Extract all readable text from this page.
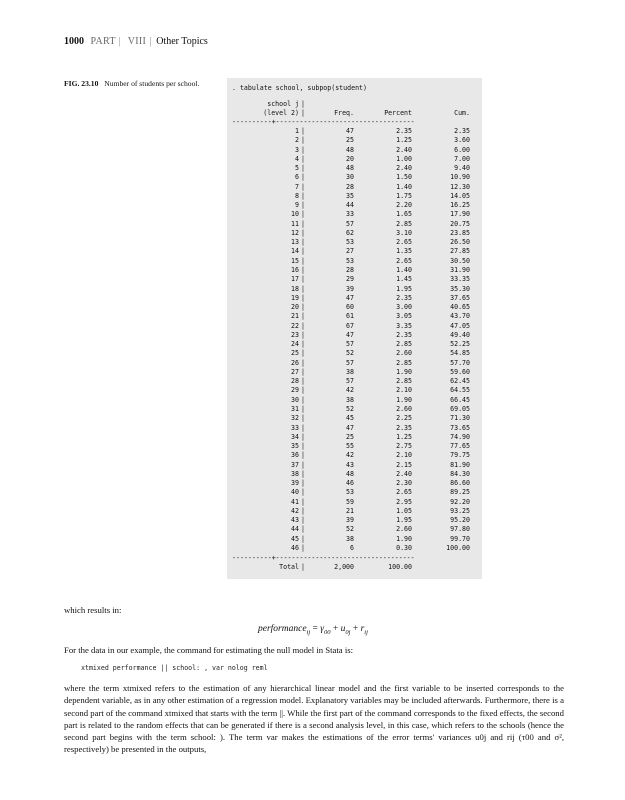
1000 PART | VIII | Other Topics
FIG. 23.10 Number of students per school.	. tabulate school, subpop(student)
school j |
(level 2) |	Freq.	Percent	Cum.
----------+-----------------------------------
1 |	47	2.35	2.35
2 |	25	1.25	3.60
3 |	48	2.40	6.00
4 |	20	1.00	7.00
5 |	48	2.40	9.40
6 |	30	1.50	10.90
7 |	28	1.40	12.30
8 |	35	1.75	14.05
9 |	44	2.20	16.25
10 |	33	1.65	17.90
11 |	57	2.85	20.75
12 |	62	3.10	23.85
13 |	53	2.65	26.50
14 |	27	1.35	27.85
15 |	53	2.65	30.50
16 |	28	1.40	31.90
17 |	29	1.45	33.35
18 |	39	1.95	35.30
19 |	47	2.35	37.65
20 |	60	3.00	40.65
21 |	61	3.05	43.70
22 |	67	3.35	47.05
23 |	47	2.35	49.40
24 |	57	2.85	52.25
25 |	52	2.60	54.85
26 |	57	2.85	57.70
27 |	38	1.90	59.60
28 |	57	2.85	62.45
29 |	42	2.10	64.55
30 |	38	1.90	66.45
31 |	52	2.60	69.05
32 |	45	2.25	71.30
33 |	47	2.35	73.65
34 |	25	1.25	74.90
35 |	55	2.75	77.65
36 |	42	2.10	79.75
37 |	43	2.15	81.90
38 |	48	2.40	84.30
39 |	46	2.30	86.60
40 |	53	2.65	89.25
41 |	59	2.95	92.20
42 |	21	1.05	93.25
43 |	39	1.95	95.20
44 |	52	2.60	97.80
45 |	38	1.90	99.70
46 |	6	0.30	100.00
----------+-----------------------------------
Total |	2,000	100.00
which results in:
performance$_{ij}$ = $\gamma_{00} + u_{0j} + r_{ij}$
For the data in our example, the command for estimating the null model in Stata is:
xtmixed performance || school: , var nolog reml

where the term xtmixed refers to the estimation of any hierarchical linear model and the first variable to be inserted corresponds to the dependent variable, as in any other estimation of a regression model. Explanatory variables may be included afterwards. Furthermore, there is a second part of the command xtmixed that starts with the term ||. While the first part of the command corresponds to the fixed effects, the second part is related to the random effects that can be generated if there is a second analysis level, in this case, which refers to the schools (hence the second part begins with the term school: ). The term var makes the estimations of the error terms' variances u0j and rij (τ00 and σ², respectively) be presented in the outputs,
